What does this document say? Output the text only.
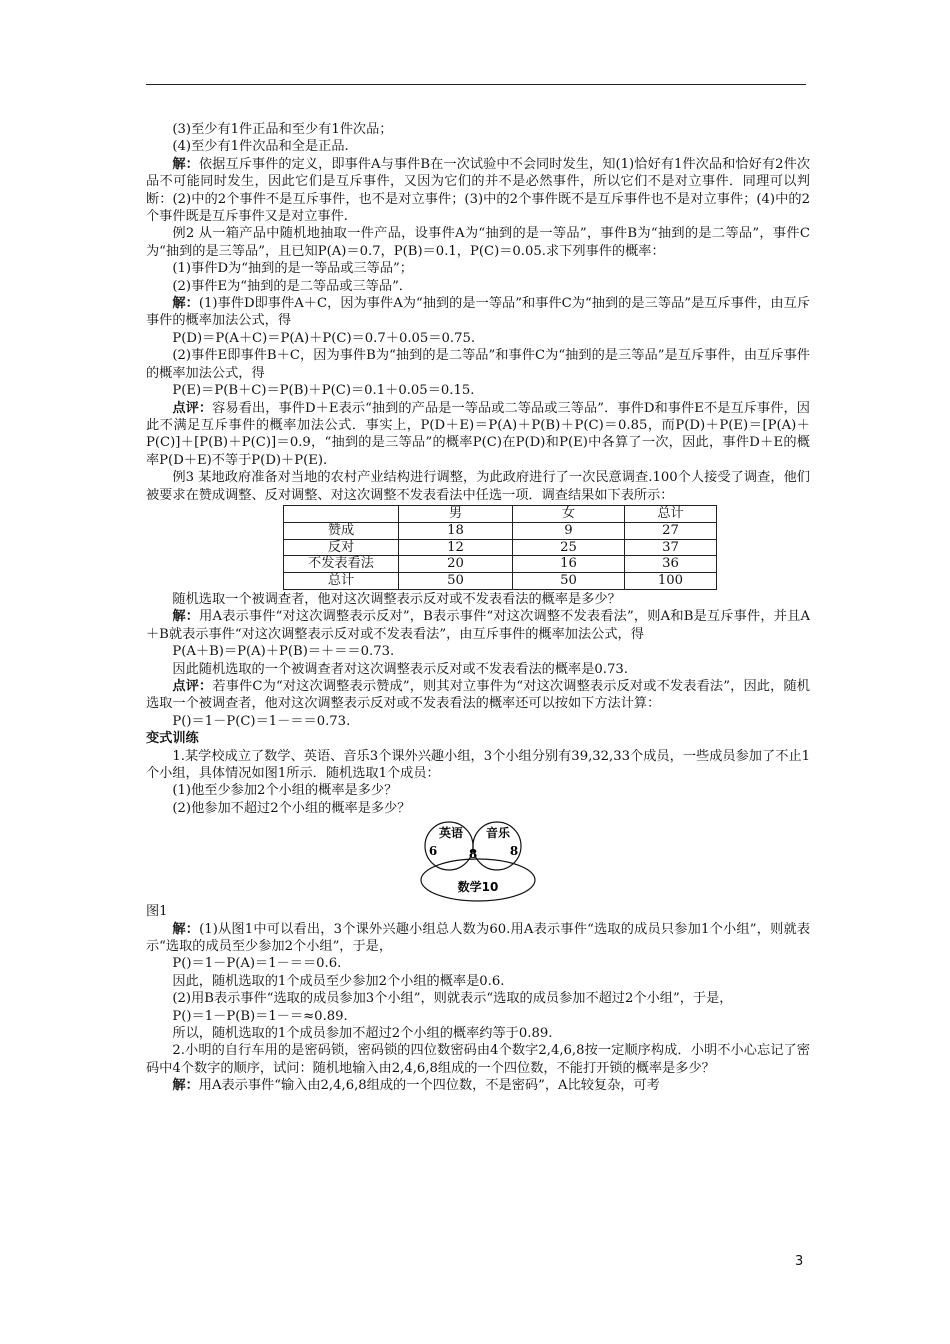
(3)至少有1件正品和至少有1件次品；

(4)至少有1件次品和全是正品.

解：依据互斥事件的定义，即事件A与事件B在一次试验中不会同时发生，知(1)恰好有1件次品和恰好有2件次品不可能同时发生，因此它们是互斥事件，又因为它们的并不是必然事件，所以它们不是对立事件．同理可以判断：(2)中的2个事件不是互斥事件，也不是对立事件；(3)中的2个事件既不是互斥事件也不是对立事件；(4)中的2个事件既是互斥事件又是对立事件.

例2 从一箱产品中随机地抽取一件产品，设事件A为“抽到的是一等品”，事件B为“抽到的是二等品”，事件C为“抽到的是三等品”，且已知P(A)＝0.7，P(B)＝0.1，P(C)＝0.05.求下列事件的概率：

(1)事件D为“抽到的是一等品或三等品”；

(2)事件E为“抽到的是二等品或三等品”．

解：(1)事件D即事件A＋C，因为事件A为“抽到的是一等品”和事件C为“抽到的是三等品”是互斥事件，由互斥事件的概率加法公式，得

P(D)＝P(A＋C)＝P(A)＋P(C)＝0.7＋0.05＝0.75.

(2)事件E即事件B＋C，因为事件B为“抽到的是二等品”和事件C为“抽到的是三等品”是互斥事件，由互斥事件的概率加法公式，得

P(E)＝P(B＋C)＝P(B)＋P(C)＝0.1＋0.05＝0.15.

点评：容易看出，事件D＋E表示“抽到的产品是一等品或二等品或三等品”．事件D和事件E不是互斥事件，因此不满足互斥事件的概率加法公式．事实上，P(D＋E)＝P(A)＋P(B)＋P(C)＝0.85，而P(D)＋P(E)＝[P(A)＋P(C)]＋[P(B)＋P(C)]＝0.9，“抽到的是三等品”的概率P(C)在P(D)和P(E)中各算了一次，因此，事件D＋E的概率P(D＋E)不等于P(D)＋P(E).

例3 某地政府准备对当地的农村产业结构进行调整，为此政府进行了一次民意调查.100个人接受了调查，他们被要求在赞成调整、反对调整、对这次调整不发表看法中任选一项．调查结果如下表所示：

	男	女	总计
赞成	18	9	27
反对	12	25	37
不发表看法	20	16	36
总计	50	50	100

随机选取一个被调查者，他对这次调整表示反对或不发表看法的概率是多少？

解：用A表示事件“对这次调整表示反对”，B表示事件“对这次调整不发表看法”，则A和B是互斥事件，并且A＋B就表示事件“对这次调整表示反对或不发表看法”，由互斥事件的概率加法公式，得

P(A＋B)＝P(A)＋P(B)＝＋＝＝0.73.

因此随机选取的一个被调查者对这次调整表示反对或不发表看法的概率是0.73.

点评：若事件C为“对这次调整表示赞成”，则其对立事件为“对这次调整表示反对或不发表看法”，因此，随机选取一个被调查者，他对这次调整表示反对或不发表看法的概率还可以按如下方法计算：

P()＝1－P(C)＝1－＝＝0.73.

变式训练

1.某学校成立了数学、英语、音乐3个课外兴趣小组，3个小组分别有39,32,33个成员，一些成员参加了不止1个小组，具体情况如图1所示．随机选取1个成员：

(1)他至少参加2个小组的概率是多少？

(2)他参加不超过2个小组的概率是多少？

英语 音乐
6	8
8
数学10

图1

解：(1)从图1中可以看出，3个课外兴趣小组总人数为60.用A表示事件“选取的成员只参加1个小组”，则就表示“选取的成员至少参加2个小组”，于是，

P()＝1－P(A)＝1－＝＝0.6.

因此，随机选取的1个成员至少参加2个小组的概率是0.6.

(2)用B表示事件“选取的成员参加3个小组”，则就表示“选取的成员参加不超过2个小组”，于是，

P()＝1－P(B)＝1－＝≈0.89.

所以，随机选取的1个成员参加不超过2个小组的概率约等于0.89.

2.小明的自行车用的是密码锁，密码锁的四位数密码由4个数字2,4,6,8按一定顺序构成．小明不小心忘记了密码中4个数字的顺序，试问：随机地输入由2,4,6,8组成的一个四位数，不能打开锁的概率是多少？

解：用A表示事件“输入由2,4,6,8组成的一个四位数，不是密码”，A比较复杂，可考

3
